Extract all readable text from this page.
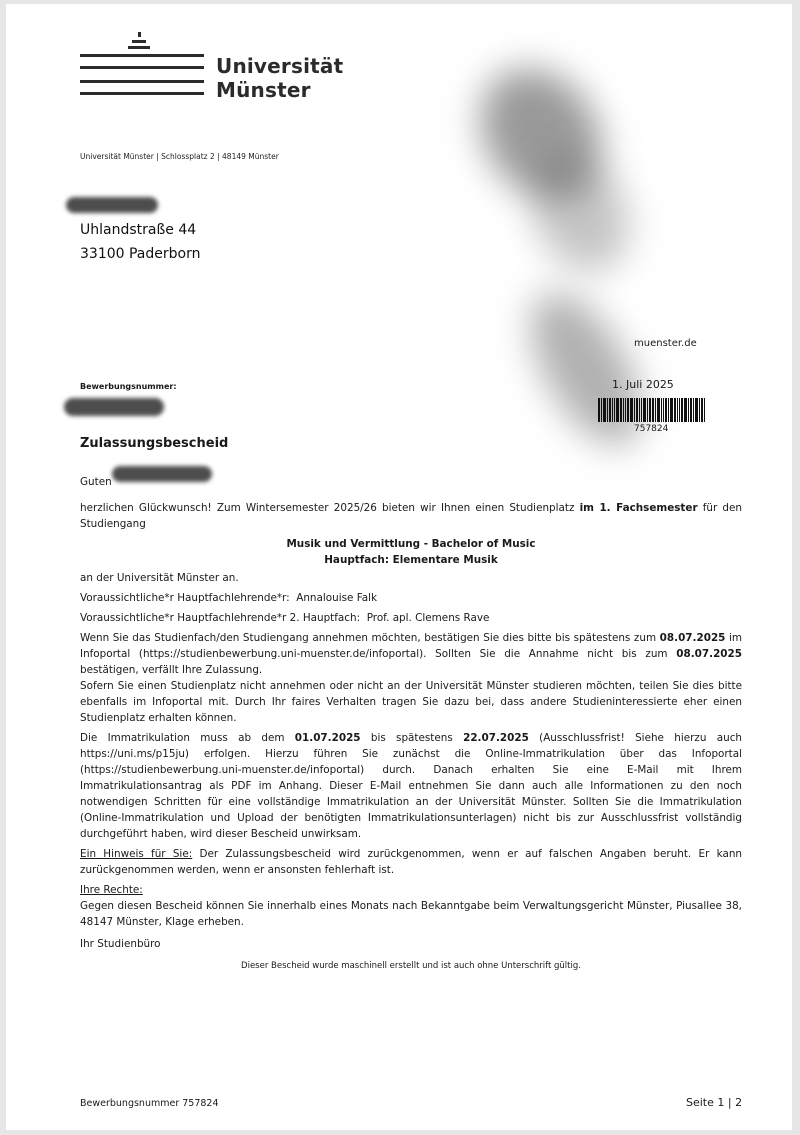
Universität
Münster
Universität Münster | Schlossplatz 2 | 48149 Münster
Uhlandstraße 44
33100 Paderborn
muenster.de
1. Juli 2025
757824
Bewerbungsnummer:
Zulassungsbescheid
Guten
herzlichen Glückwunsch! Zum Wintersemester 2025/26 bieten wir Ihnen einen Studienplatz im 1. Fachsemester für den Studiengang
Musik und Vermittlung - Bachelor of Music
Hauptfach: Elementare Musik
an der Universität Münster an.
Voraussichtliche*r Hauptfachlehrende*r: Annalouise Falk
Voraussichtliche*r Hauptfachlehrende*r 2. Hauptfach: Prof. apl. Clemens Rave
Wenn Sie das Studienfach/den Studiengang annehmen möchten, bestätigen Sie dies bitte bis spätestens zum 08.07.2025 im Infoportal (https://studienbewerbung.uni-muenster.de/infoportal). Sollten Sie die Annahme nicht bis zum 08.07.2025 bestätigen, verfällt Ihre Zulassung.
Sofern Sie einen Studienplatz nicht annehmen oder nicht an der Universität Münster studieren möchten, teilen Sie dies bitte ebenfalls im Infoportal mit. Durch Ihr faires Verhalten tragen Sie dazu bei, dass andere Studieninteressierte eher einen Studienplatz erhalten können.
Die Immatrikulation muss ab dem 01.07.2025 bis spätestens 22.07.2025 (Ausschlussfrist! Siehe hierzu auch https://uni.ms/p15ju) erfolgen. Hierzu führen Sie zunächst die Online-Immatrikulation über das Infoportal (https://studienbewerbung.uni-muenster.de/infoportal) durch. Danach erhalten Sie eine E-Mail mit Ihrem Immatrikulationsantrag als PDF im Anhang. Dieser E-Mail entnehmen Sie dann auch alle Informationen zu den noch notwendigen Schritten für eine vollständige Immatrikulation an der Universität Münster. Sollten Sie die Immatrikulation (Online-Immatrikulation und Upload der benötigten Immatrikulationsunterlagen) nicht bis zur Ausschlussfrist vollständig durchgeführt haben, wird dieser Bescheid unwirksam.
Ein Hinweis für Sie: Der Zulassungsbescheid wird zurückgenommen, wenn er auf falschen Angaben beruht. Er kann zurückgenommen werden, wenn er ansonsten fehlerhaft ist.
Ihre Rechte:
Gegen diesen Bescheid können Sie innerhalb eines Monats nach Bekanntgabe beim Verwaltungsgericht Münster, Piusallee 38, 48147 Münster, Klage erheben.
Ihr Studienbüro
Dieser Bescheid wurde maschinell erstellt und ist auch ohne Unterschrift gültig.
Bewerbungsnummer 757824	Seite 1 | 2
